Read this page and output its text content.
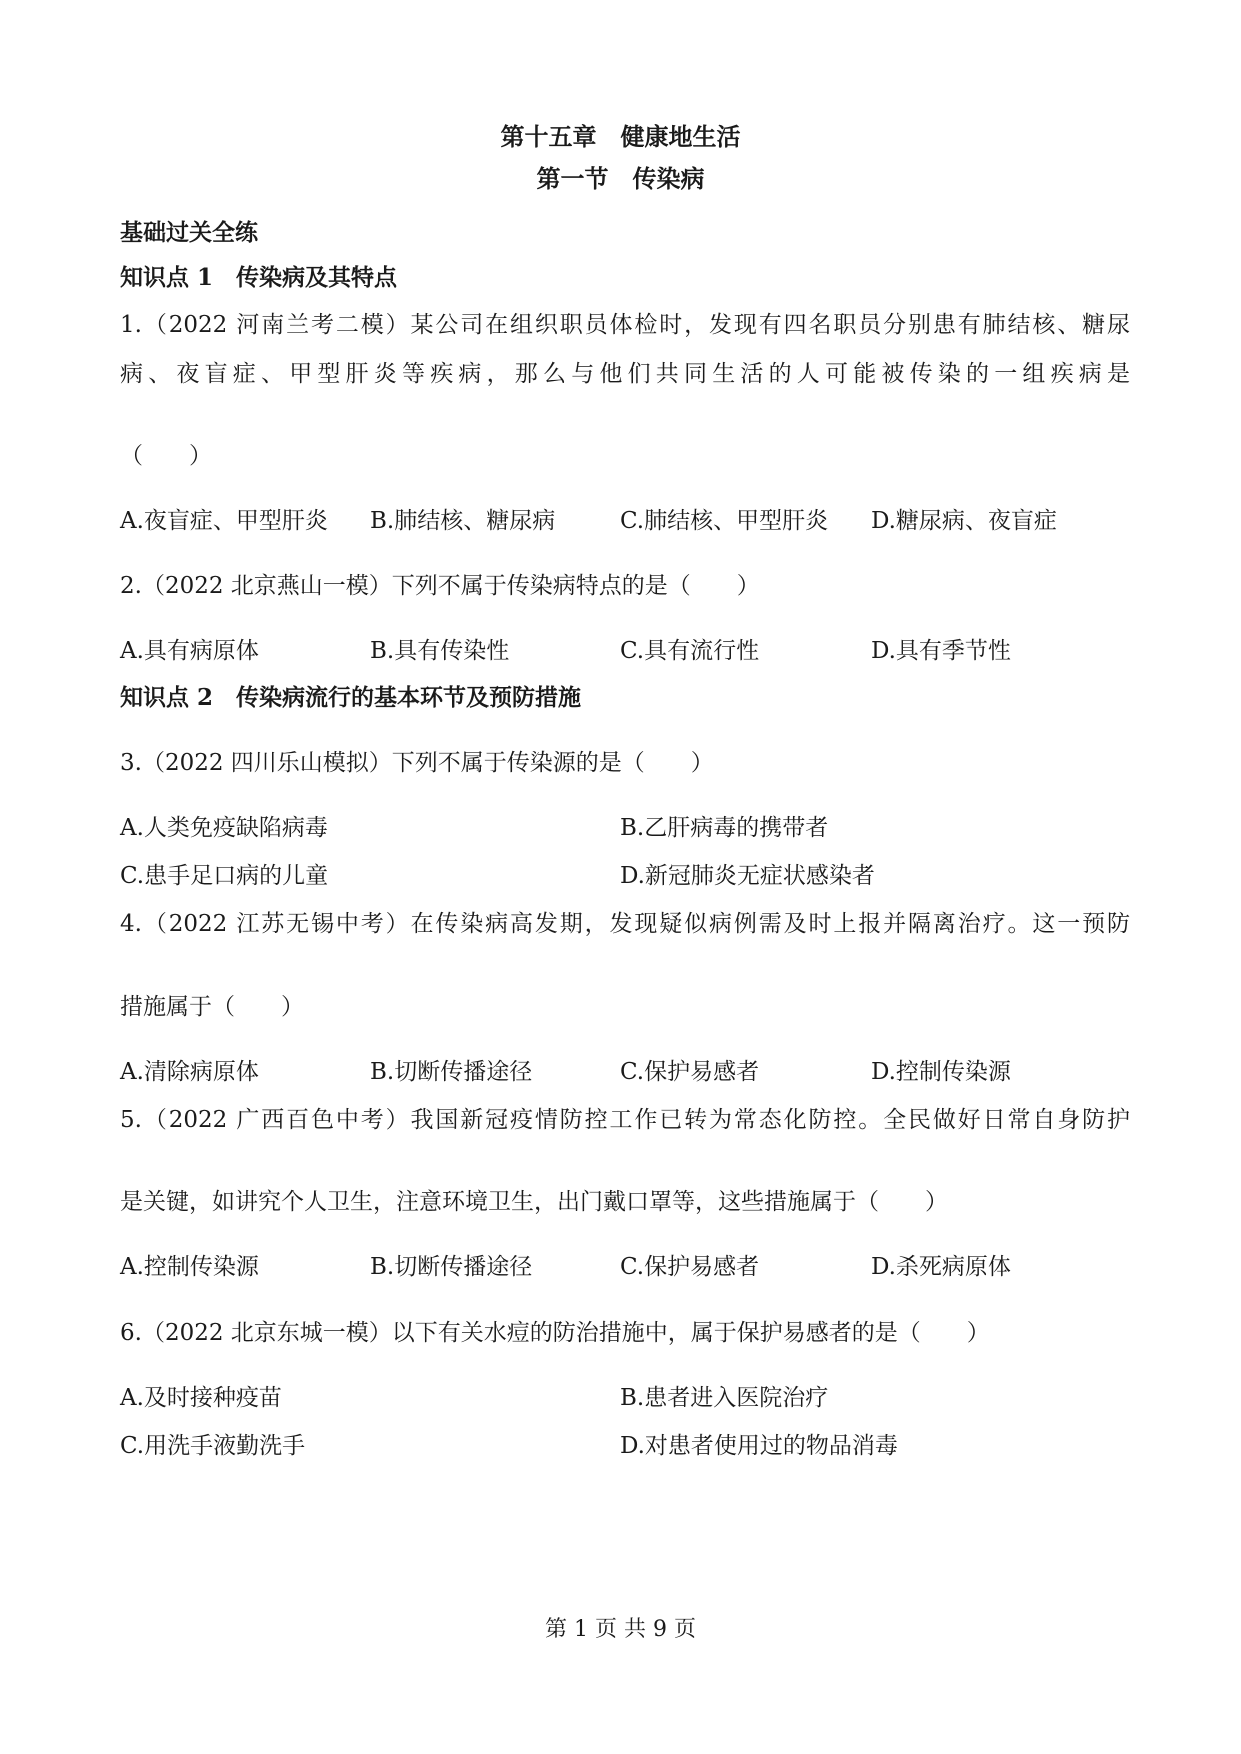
第十五章　健康地生活
第一节　传染病
基础过关全练
知识点 1　传染病及其特点
1.（2022 河南兰考二模）某公司在组织职员体检时，发现有四名职员分别患有肺结核、糖尿
病、夜盲症、甲型肝炎等疾病，那么与他们共同生活的人可能被传染的一组疾病是
（　　）
A.夜盲症、甲型肝炎 B.肺结核、糖尿病	C.肺结核、甲型肝炎 D.糖尿病、夜盲症
2.（2022 北京燕山一模）下列不属于传染病特点的是（　　）
A.具有病原体	B.具有传染性	C.具有流行性	D.具有季节性
知识点 2　传染病流行的基本环节及预防措施
3.（2022 四川乐山模拟）下列不属于传染源的是（　　）
A.人类免疫缺陷病毒	B.乙肝病毒的携带者
C.患手足口病的儿童	D.新冠肺炎无症状感染者
4.（2022 江苏无锡中考）在传染病高发期，发现疑似病例需及时上报并隔离治疗。这一预防
措施属于（　　）
A.清除病原体	B.切断传播途径	C.保护易感者	D.控制传染源
5.（2022 广西百色中考）我国新冠疫情防控工作已转为常态化防控。全民做好日常自身防护
是关键，如讲究个人卫生，注意环境卫生，出门戴口罩等，这些措施属于（　　）
A.控制传染源	B.切断传播途径	C.保护易感者	D.杀死病原体
6.（2022 北京东城一模）以下有关水痘的防治措施中，属于保护易感者的是（　　）
A.及时接种疫苗	B.患者进入医院治疗
C.用洗手液勤洗手	D.对患者使用过的物品消毒
第 1 页 共 9 页
